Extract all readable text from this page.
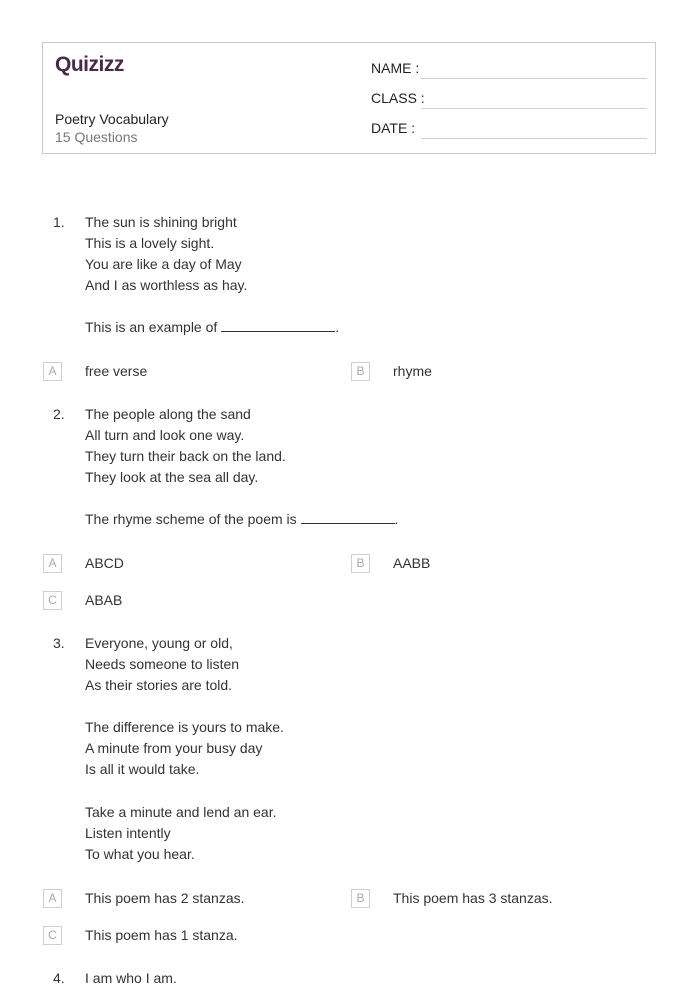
Quizizz
Poetry Vocabulary
15 Questions
NAME :
CLASS :
DATE :
1. The sun is shining bright
This is a lovely sight.
You are like a day of May
And I as worthless as hay.
This is an example of	.
A	free verse	B	rhyme
2. The people along the sand
All turn and look one way.
They turn their back on the land.
They look at the sea all day.
The rhyme scheme of the poem is	.
A	ABCD	B	AABB
C	ABAB
3. Everyone, young or old,
Needs someone to listen
As their stories are told.
The difference is yours to make.
A minute from your busy day
Is all it would take.
Take a minute and lend an ear.
Listen intently
To what you hear.
A	This poem has 2 stanzas.	B	This poem has 3 stanzas.
C	This poem has 1 stanza.
4. I am who I am.
